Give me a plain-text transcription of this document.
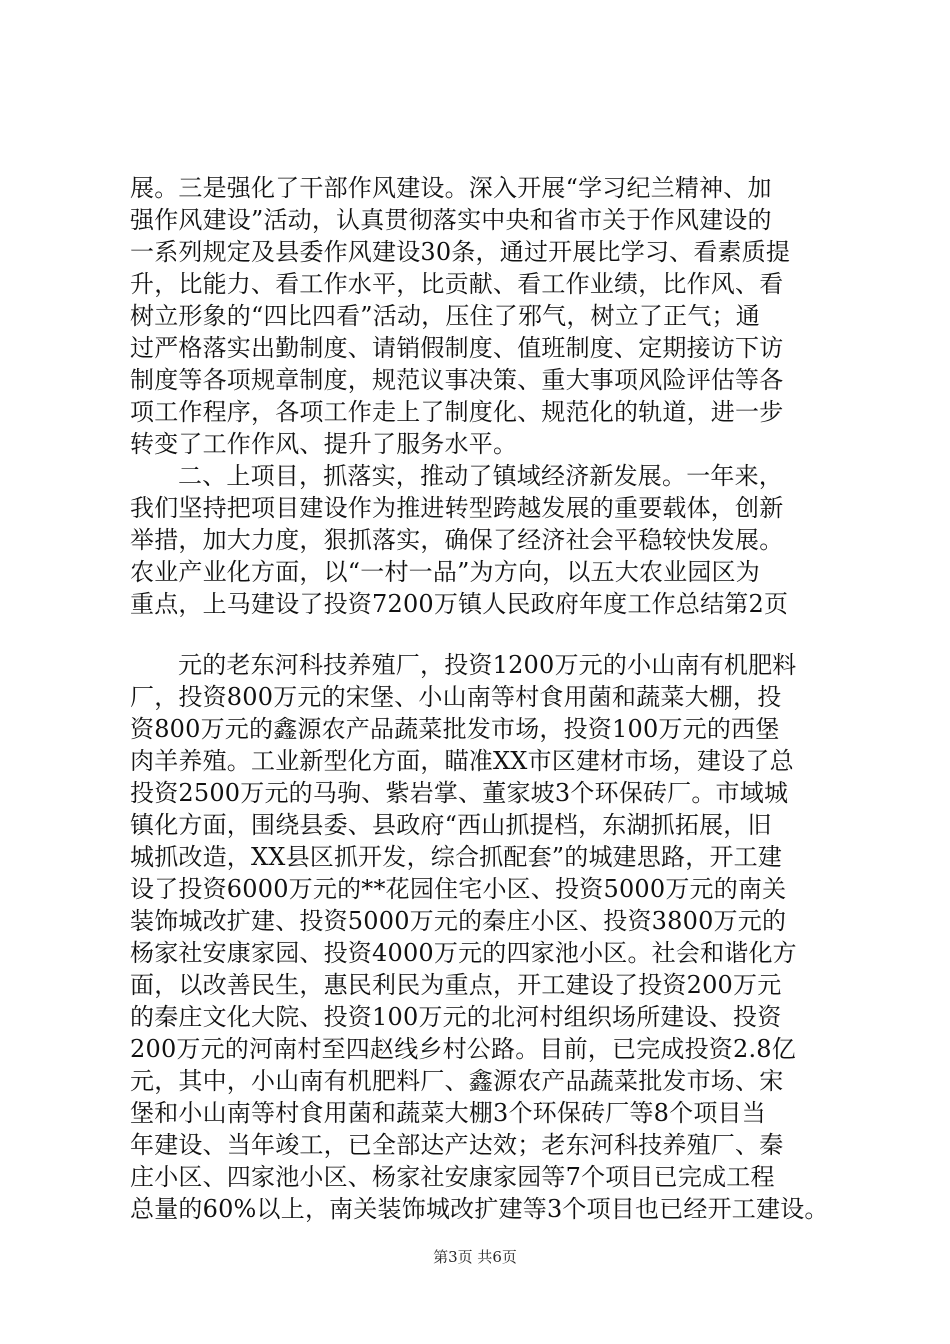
展。三是强化了干部作风建设。深入开展“学习纪兰精神、加
强作风建设”活动，认真贯彻落实中央和省市关于作风建设的
一系列规定及县委作风建设30条，通过开展比学习、看素质提
升，比能力、看工作水平，比贡献、看工作业绩，比作风、看
树立形象的“四比四看”活动，压住了邪气，树立了正气；通
过严格落实出勤制度、请销假制度、值班制度、定期接访下访
制度等各项规章制度，规范议事决策、重大事项风险评估等各
项工作程序，各项工作走上了制度化、规范化的轨道，进一步
转变了工作作风、提升了服务水平。
二、上项目，抓落实，推动了镇域经济新发展。一年来，
我们坚持把项目建设作为推进转型跨越发展的重要载体，创新
举措，加大力度，狠抓落实，确保了经济社会平稳较快发展。
农业产业化方面，以“一村一品”为方向，以五大农业园区为
重点，上马建设了投资7200万镇人民政府年度工作总结第2页
元的老东河科技养殖厂，投资1200万元的小山南有机肥料
厂，投资800万元的宋堡、小山南等村食用菌和蔬菜大棚，投
资800万元的鑫源农产品蔬菜批发市场，投资100万元的西堡
肉羊养殖。工业新型化方面，瞄准XX市区建材市场，建设了总
投资2500万元的马驹、紫岩掌、董家坡3个环保砖厂。市域城
镇化方面，围绕县委、县政府“西山抓提档，东湖抓拓展，旧
城抓改造，XX县区抓开发，综合抓配套”的城建思路，开工建
设了投资6000万元的**花园住宅小区、投资5000万元的南关
装饰城改扩建、投资5000万元的秦庄小区、投资3800万元的
杨家社安康家园、投资4000万元的四家池小区。社会和谐化方
面，以改善民生，惠民利民为重点，开工建设了投资200万元
的秦庄文化大院、投资100万元的北河村组织场所建设、投资
200万元的河南村至四赵线乡村公路。目前，已完成投资2.8亿
元，其中，小山南有机肥料厂、鑫源农产品蔬菜批发市场、宋
堡和小山南等村食用菌和蔬菜大棚3个环保砖厂等8个项目当
年建设、当年竣工，已全部达产达效；老东河科技养殖厂、秦
庄小区、四家池小区、杨家社安康家园等7个项目已完成工程
总量的60%以上，南关装饰城改扩建等3个项目也已经开工建设。
第3页 共6页
